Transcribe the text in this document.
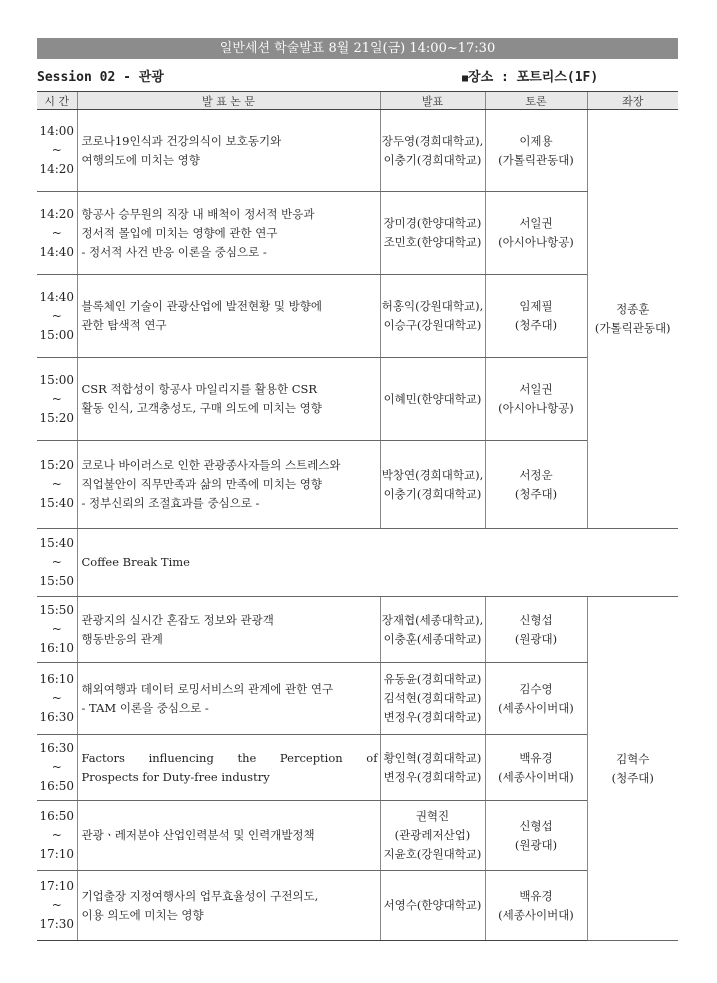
일반세션 학술발표 8월 21일(금) 14:00~17:30
Session 02 - 관광	■장소 : 포트리스(1F)
시 간	발 표 논 문	발표	토론	좌장

14:00
~
14:20	코로나19인식과 건강의식이 보호동기와
여행의도에 미치는 영향	장두영(경희대학교),
이충기(경희대학교)	이제용
(가톨릭관동대)	정종훈
(가톨릭관동대)

14:20
~
14:40	항공사 승무원의 직장 내 배척이 정서적 반응과
정서적 몰입에 미치는 영향에 관한 연구
- 정서적 사건 반응 이론을 중심으로 -	장미경(한양대학교)
조민호(한양대학교)	서일권
(아시아나항공)	

14:40
~
15:00	블록체인 기술이 관광산업에 발전현황 및 방향에
관한 탐색적 연구	허홍익(강원대학교),
이승구(강원대학교)	임제필
(청주대)	

15:00
~
15:20	CSR 적합성이 항공사 마일리지를 활용한 CSR
활동 인식, 고객충성도, 구매 의도에 미치는 영향	이혜민(한양대학교)	서일권
(아시아나항공)	

15:20
~
15:40	코로나 바이러스로 인한 관광종사자들의 스트레스와
직업불안이 직무만족과 삶의 만족에 미치는 영향
- 정부신뢰의 조절효과를 중심으로 -	박창연(경희대학교),
이충기(경희대학교)	서정운
(청주대)	

15:40
~
15:50	Coffee Break Time			

15:50
~
16:10	관광지의 실시간 혼잡도 정보와 관광객
행동반응의 관계	장재협(세종대학교),
이충훈(세종대학교)	신형섭
(원광대)	김혁수
(청주대)

16:10
~
16:30	해외여행과 데이터 로밍서비스의 관계에 관한 연구
- TAM 이론을 중심으로 -	유동윤(경희대학교)
김석현(경희대학교)
변정우(경희대학교)	김수영
(세종사이버대)	

16:30
~
16:50	Factors influencing the Perception of
Prospects for Duty-free industry	황인혁(경희대학교)
변정우(경희대학교)	백유경
(세종사이버대)	

16:50
~
17:10	관광ㆍ레저분야 산업인력분석 및 인력개발정책	권혁진
(관광레저산업)
지윤호(강원대학교)	신형섭
(원광대)	

17:10
~
17:30	기업출장 지정여행사의 업무효율성이 구전의도,
이용 의도에 미치는 영향	서영수(한양대학교)	백유경
(세종사이버대)	
